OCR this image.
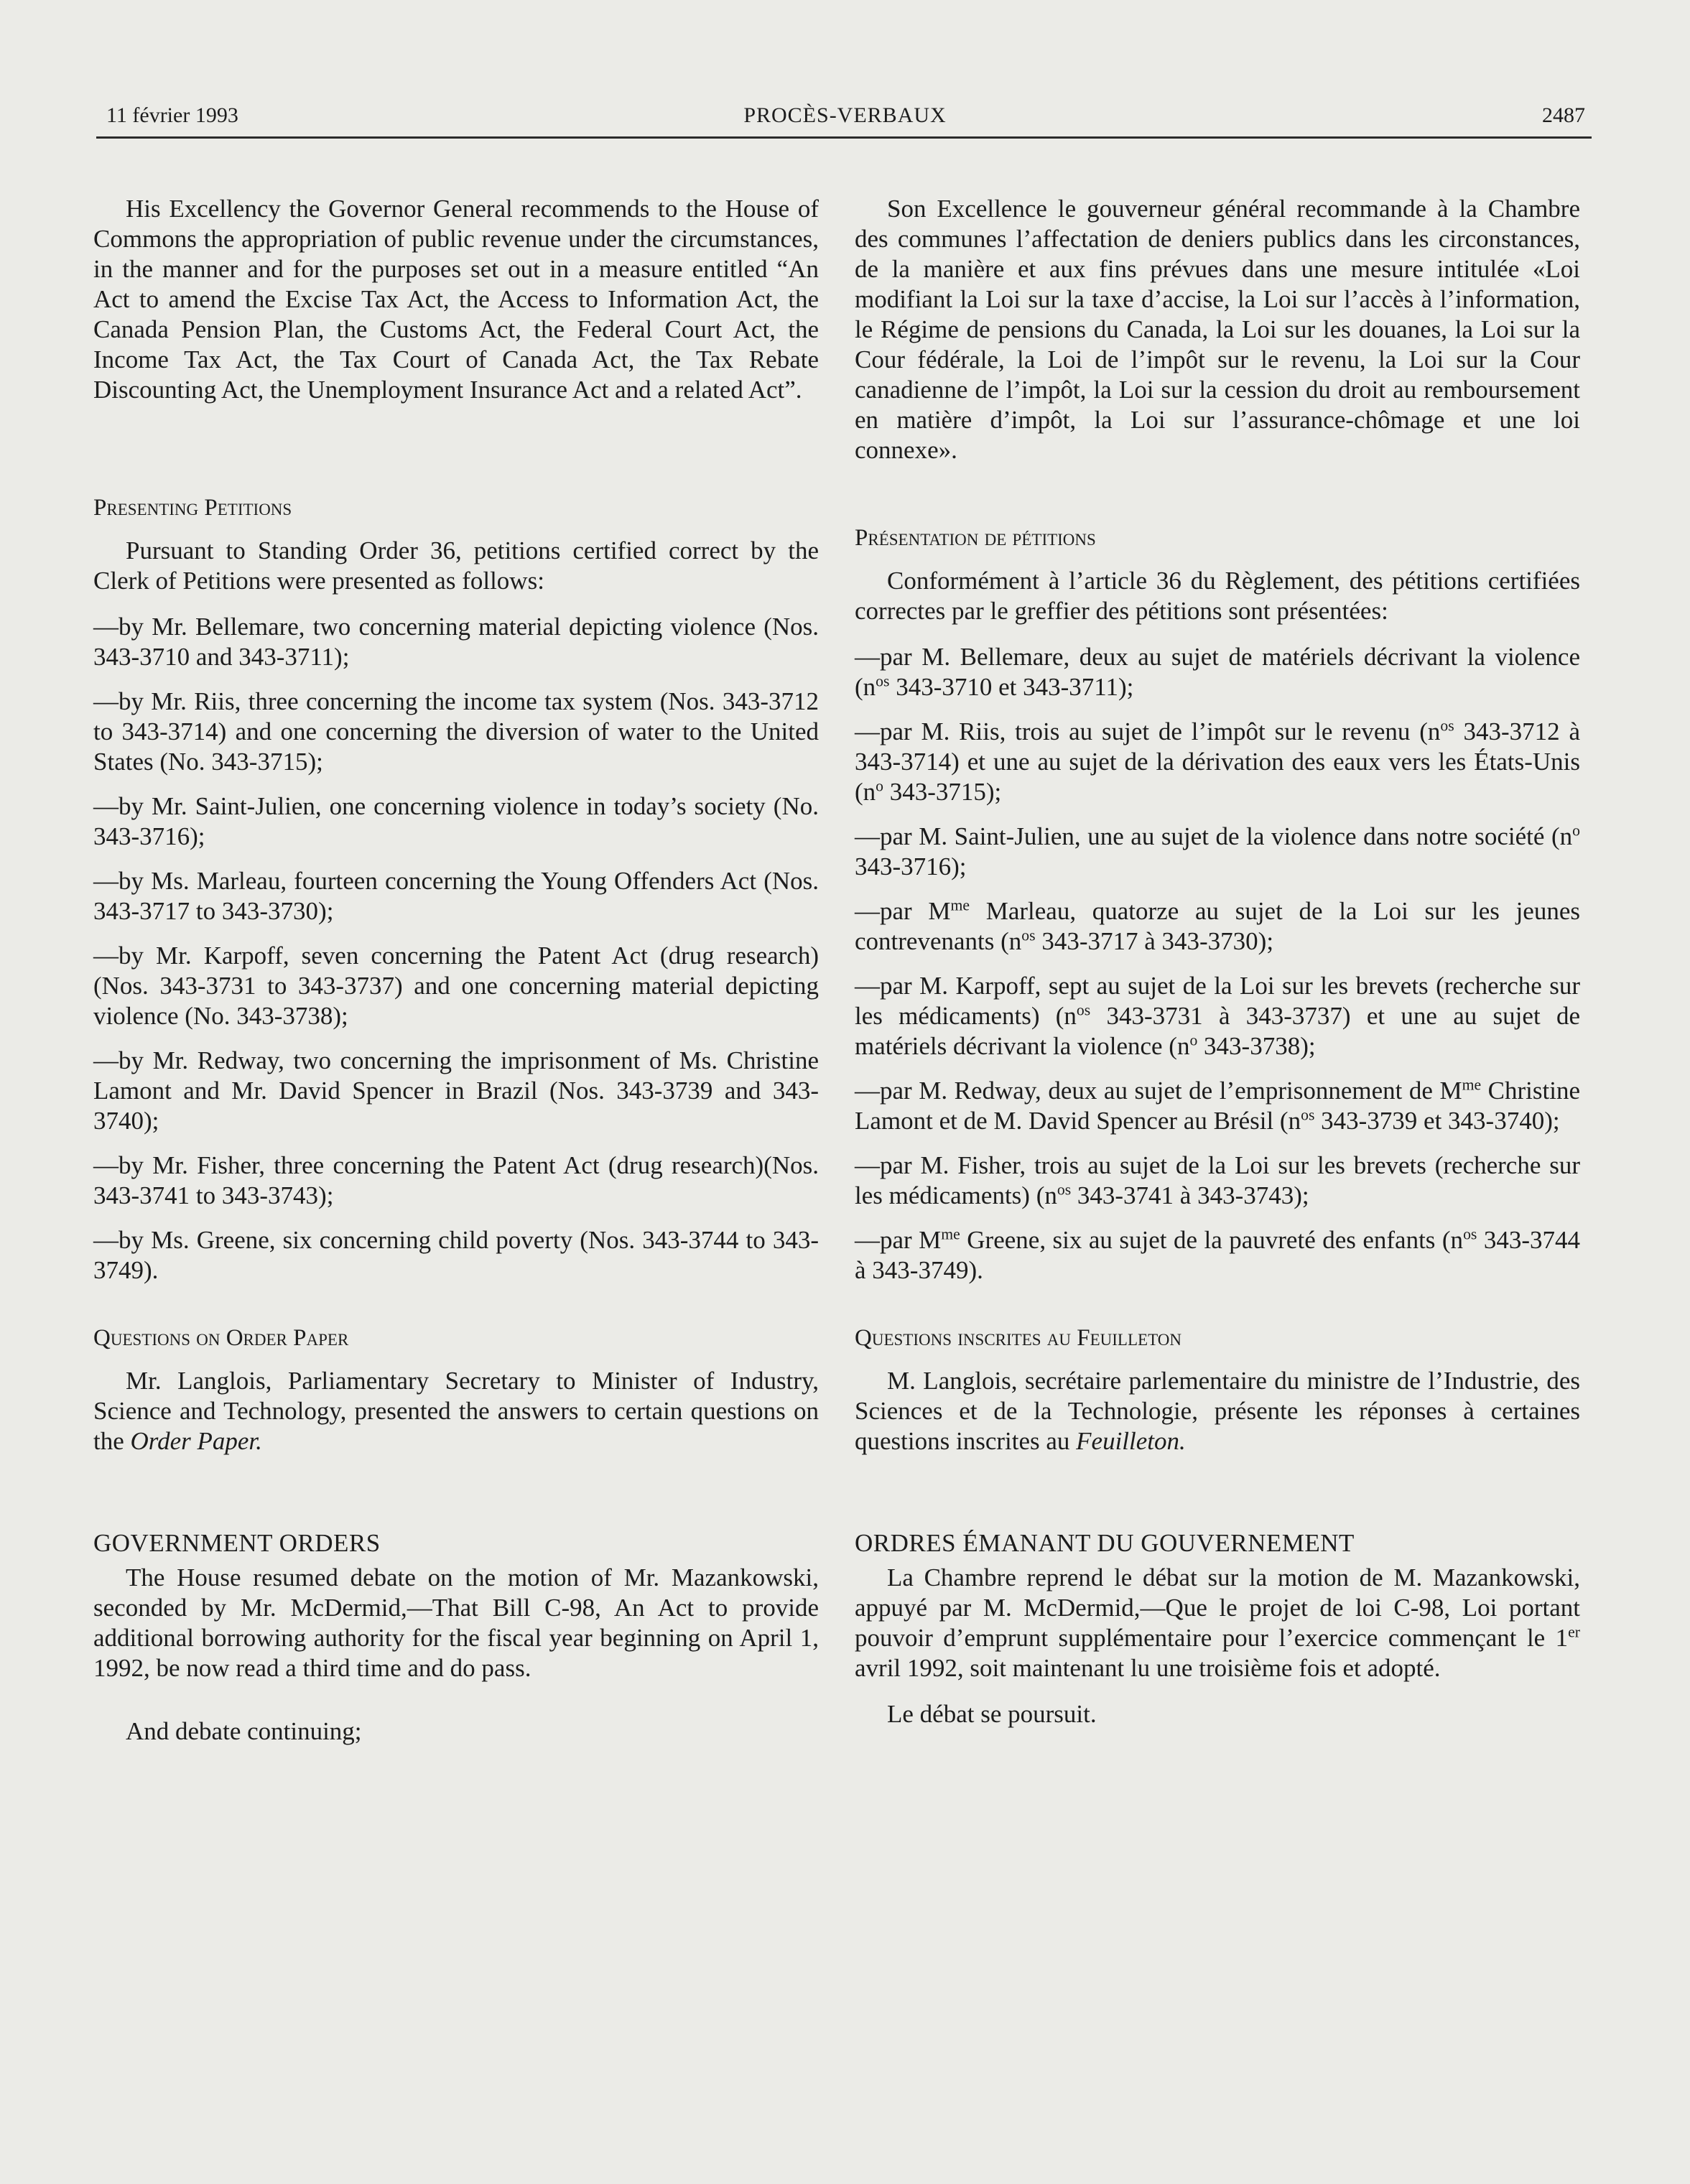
PROCÈS-VERBAUX
11 février 1993	2487

His Excellency the Governor General recommends to the House of Commons the appropriation of public revenue under the circumstances, in the manner and for the purposes set out in a measure entitled “An Act to amend the Excise Tax Act, the Access to Information Act, the Canada Pension Plan, the Customs Act, the Federal Court Act, the Income Tax Act, the Tax Court of Canada Act, the Tax Rebate Discounting Act, the Unemployment Insurance Act and a related Act”.

Presenting Petitions

Pursuant to Standing Order 36, petitions certified correct by the Clerk of Petitions were presented as follows:

—by Mr. Bellemare, two concerning material depicting violence (Nos. 343-3710 and 343-3711);

—by Mr. Riis, three concerning the income tax system (Nos. 343-3712 to 343-3714) and one concerning the diversion of water to the United States (No. 343-3715);

—by Mr. Saint-Julien, one concerning violence in today’s society (No. 343-3716);

—by Ms. Marleau, fourteen concerning the Young Offenders Act (Nos. 343-3717 to 343-3730);

—by Mr. Karpoff, seven concerning the Patent Act (drug research)(Nos. 343-3731 to 343-3737) and one concerning material depicting violence (No. 343-3738);

—by Mr. Redway, two concerning the imprisonment of Ms. Christine Lamont and Mr. David Spencer in Brazil (Nos. 343-3739 and 343-3740);

—by Mr. Fisher, three concerning the Patent Act (drug research)(Nos. 343-3741 to 343-3743);

—by Ms. Greene, six concerning child poverty (Nos. 343-3744 to 343-3749).

Questions on Order Paper

Mr. Langlois, Parliamentary Secretary to Minister of Industry, Science and Technology, presented the answers to certain questions on the Order Paper.

GOVERNMENT ORDERS

The House resumed debate on the motion of Mr. Mazankowski, seconded by Mr. McDermid,—That Bill C-98, An Act to provide additional borrowing authority for the fiscal year beginning on April 1, 1992, be now read a third time and do pass.

And debate continuing;

Son Excellence le gouverneur général recommande à la Chambre des communes l’affectation de deniers publics dans les circonstances, de la manière et aux fins prévues dans une mesure intitulée «Loi modifiant la Loi sur la taxe d’accise, la Loi sur l’accès à l’information, le Régime de pensions du Canada, la Loi sur les douanes, la Loi sur la Cour fédérale, la Loi de l’impôt sur le revenu, la Loi sur la Cour canadienne de l’impôt, la Loi sur la cession du droit au remboursement en matière d’impôt, la Loi sur l’assurance-chômage et une loi connexe».

Présentation de pétitions

Conformément à l’article 36 du Règlement, des pétitions certifiées correctes par le greffier des pétitions sont présentées:

—par M. Bellemare, deux au sujet de matériels décrivant la violence ($n^{os}$ 343-3710 et 343-3711);

—par M. Riis, trois au sujet de l’impôt sur le revenu ($n^{os}$ 343-3712 à 343-3714) et une au sujet de la dérivation des eaux vers les États-Unis ($n^o$ 343-3715);

—par M. Saint-Julien, une au sujet de la violence dans notre société ($n^o$ 343-3716);

—par $M^{me}$ Marleau, quatorze au sujet de la Loi sur les jeunes contrevenants ($n^{os}$ 343-3717 à 343-3730);

—par M. Karpoff, sept au sujet de la Loi sur les brevets (recherche sur les médicaments) ($n^{os}$ 343-3731 à 343-3737) et une au sujet de matériels décrivant la violence ($n^o$ 343-3738);

—par M. Redway, deux au sujet de l’emprisonnement de $M^{me}$ Christine Lamont et de M. David Spencer au Brésil ($n^{os}$ 343-3739 et 343-3740);

—par M. Fisher, trois au sujet de la Loi sur les brevets (recherche sur les médicaments) ($n^{os}$ 343-3741 à 343-3743);

—par $M^{me}$ Greene, six au sujet de la pauvreté des enfants ($n^{os}$ 343-3744 à 343-3749).

Questions inscrites au Feuilleton

M. Langlois, secrétaire parlementaire du ministre de l’Industrie, des Sciences et de la Technologie, présente les réponses à certaines questions inscrites au Feuilleton.

ORDRES ÉMANANT DU GOUVERNEMENT

La Chambre reprend le débat sur la motion de M. Mazankowski, appuyé par M. McDermid,—Que le projet de loi C-98, Loi portant pouvoir d’emprunt supplémentaire pour l’exercice commençant le 1er avril 1992, soit maintenant lu une troisième fois et adopté.

Le débat se poursuit.
